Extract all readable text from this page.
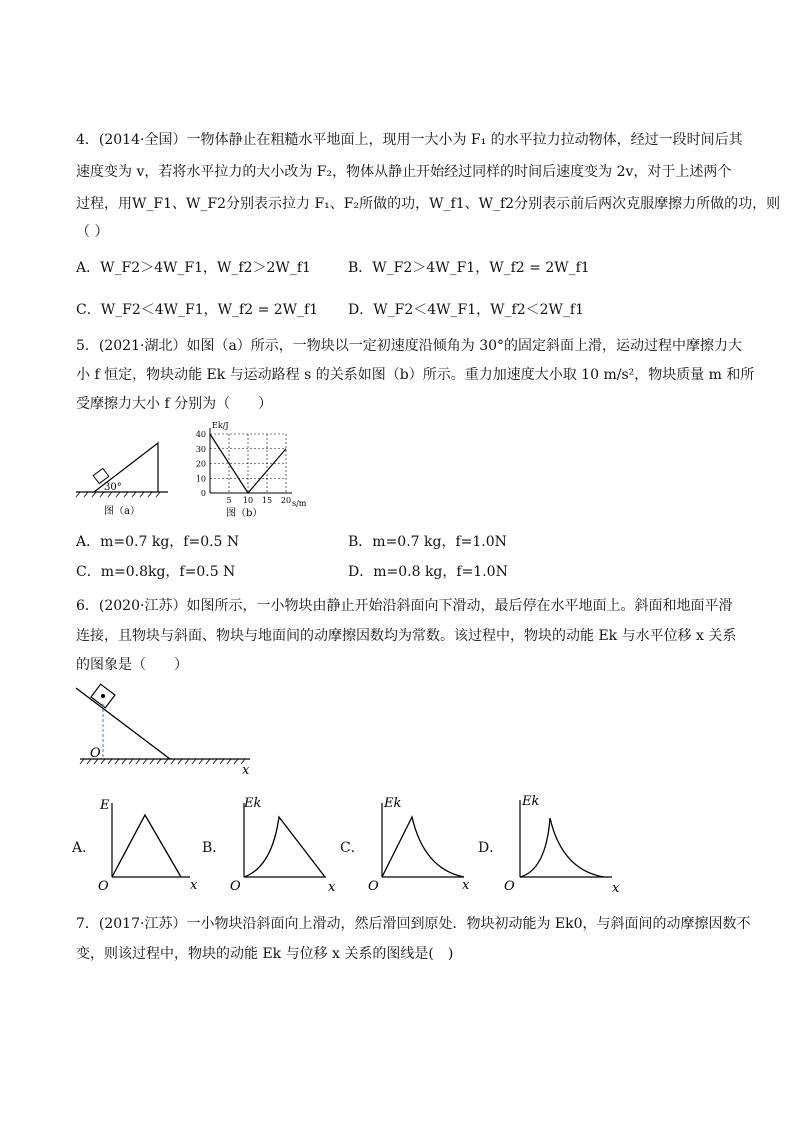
4．(2014·全国）一物体静止在粗糙水平地面上，现用一大小为 F₁ 的水平拉力拉动物体，经过一段时间后其
速度变为 v，若将水平拉力的大小改为 F₂，物体从静止开始经过同样的时间后速度变为 2v，对于上述两个
过程，用W_F1、W_F2分别表示拉力 F₁、F₂所做的功，W_f1、W_f2分别表示前后两次克服摩擦力所做的功，则
（ ）
A．W_F2＞4W_F1，W_f2＞2W_f1	B．W_F2＞4W_F1，W_f2 = 2W_f1
C．W_F2＜4W_F1，W_f2 = 2W_f1 D．W_F2＜4W_F1，W_f2＜2W_f1
5．(2021·湖北）如图（a）所示，一物块以一定初速度沿倾角为 30°的固定斜面上滑，运动过程中摩擦力大
小 f 恒定，物块动能 Ek 与运动路程 s 的关系如图（b）所示。重力加速度大小取 10 m/s²，物块质量 m 和所
受摩擦力大小 f 分别为（　　）
30°
图（a）
Ek/J
s/m
0
10
20
30
40
5 10 15 20
图（b）
A．m=0.7 kg，f=0.5 N	B．m=0.7 kg，f=1.0N
C．m=0.8kg，f=0.5 N	D．m=0.8 kg，f=1.0N
6．(2020·江苏）如图所示，一小物块由静止开始沿斜面向下滑动，最后停在水平地面上。斜面和地面平滑
连接，且物块与斜面、物块与地面间的动摩擦因数均为常数。该过程中，物块的动能 Ek 与水平位移 x 关系
的图象是（　　）
O
x
A．
E
O	x
B．
Ek
O	x
C．
Ek
O	x
D．
Ek
O	x
7．(2017·江苏）一小物块沿斜面向上滑动，然后滑回到原处．物块初动能为 Ek0，与斜面间的动摩擦因数不
变，则该过程中，物块的动能 Ek 与位移 x 关系的图线是(　)
